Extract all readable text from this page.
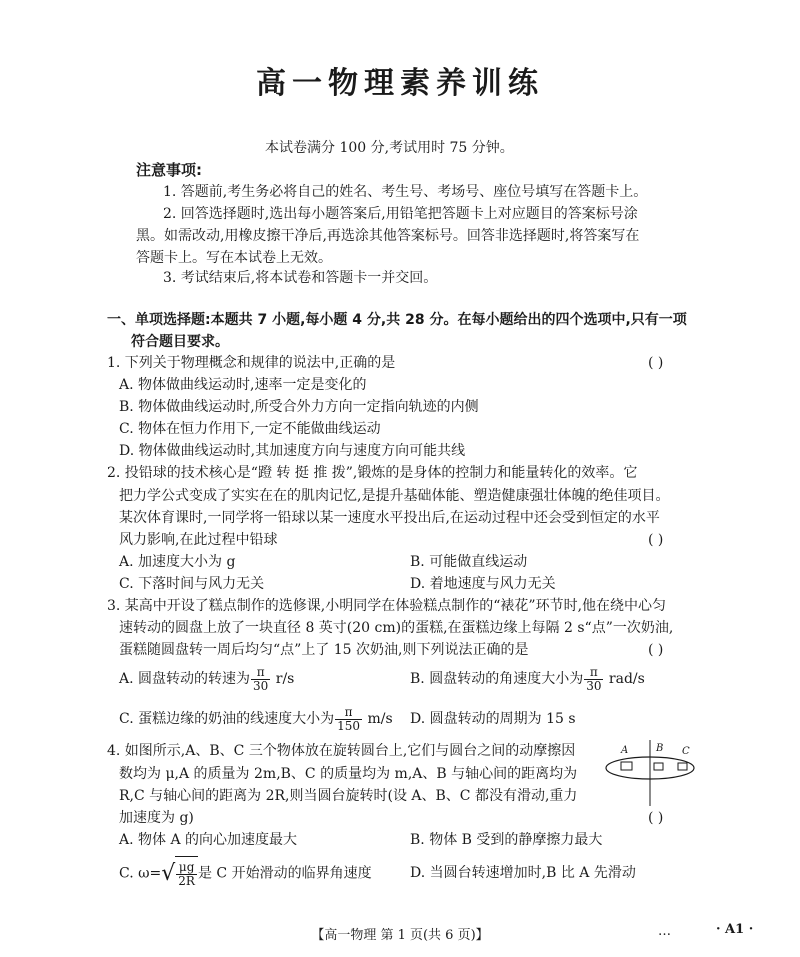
高一物理素养训练
本试卷满分 100 分,考试用时 75 分钟。
注意事项:
1. 答题前,考生务必将自己的姓名、考生号、考场号、座位号填写在答题卡上。
2. 回答选择题时,选出每小题答案后,用铅笔把答题卡上对应题目的答案标号涂
黑。如需改动,用橡皮擦干净后,再选涂其他答案标号。回答非选择题时,将答案写在
答题卡上。写在本试卷上无效。
3. 考试结束后,将本试卷和答题卡一并交回。
一、单项选择题:本题共 7 小题,每小题 4 分,共 28 分。在每小题给出的四个选项中,只有一项
符合题目要求。
1. 下列关于物理概念和规律的说法中,正确的是	( )
A. 物体做曲线运动时,速率一定是变化的
B. 物体做曲线运动时,所受合外力方向一定指向轨迹的内侧
C. 物体在恒力作用下,一定不能做曲线运动
D. 物体做曲线运动时,其加速度方向与速度方向可能共线
2. 投铅球的技术核心是“蹬 转 挺 推 拨”,锻炼的是身体的控制力和能量转化的效率。它
把力学公式变成了实实在在的肌肉记忆,是提升基础体能、塑造健康强壮体魄的绝佳项目。
某次体育课时,一同学将一铅球以某一速度水平投出后,在运动过程中还会受到恒定的水平
风力影响,在此过程中铅球	( )
A. 加速度大小为 g	B. 可能做直线运动
C. 下落时间与风力无关	D. 着地速度与风力无关
3. 某高中开设了糕点制作的选修课,小明同学在体验糕点制作的“裱花”环节时,他在绕中心匀
速转动的圆盘上放了一块直径 8 英寸(20 cm)的蛋糕,在蛋糕边缘上每隔 2 s“点”一次奶油,
蛋糕随圆盘转一周后均匀“点”上了 15 次奶油,则下列说法正确的是	( )
A. 圆盘转动的转速为 $\frac{\pi}{30} r/s$	B. 圆盘转动的角速度大小为 $\frac{\pi}{30} rad/s$
C. 蛋糕边缘的奶油的线速度大小为 $\frac{\pi}{150} m/s$ D. 圆盘转动的周期为 15 s
4. 如图所示,A、B、C 三个物体放在旋转圆台上,它们与圆台之间的动摩擦因
数均为 μ,A 的质量为 2m,B、C 的质量均为 m,A、B 与轴心间的距离均为
R,C 与轴心间的距离为 2R,则当圆台旋转时(设 A、B、C 都没有滑动,重力
加速度为 g)	( )
A	B C
A. 物体 A 的向心加速度最大	B. 物体 B 受到的静摩擦力最大
C. $\omega=√ \frac{\mu g}{2R}$ 是 C 开始滑动的临界角速度	D. 当圆台转速增加时,B 比 A 先滑动
【高一物理 第 1 页(共 6 页)】	…	· A1 ·
